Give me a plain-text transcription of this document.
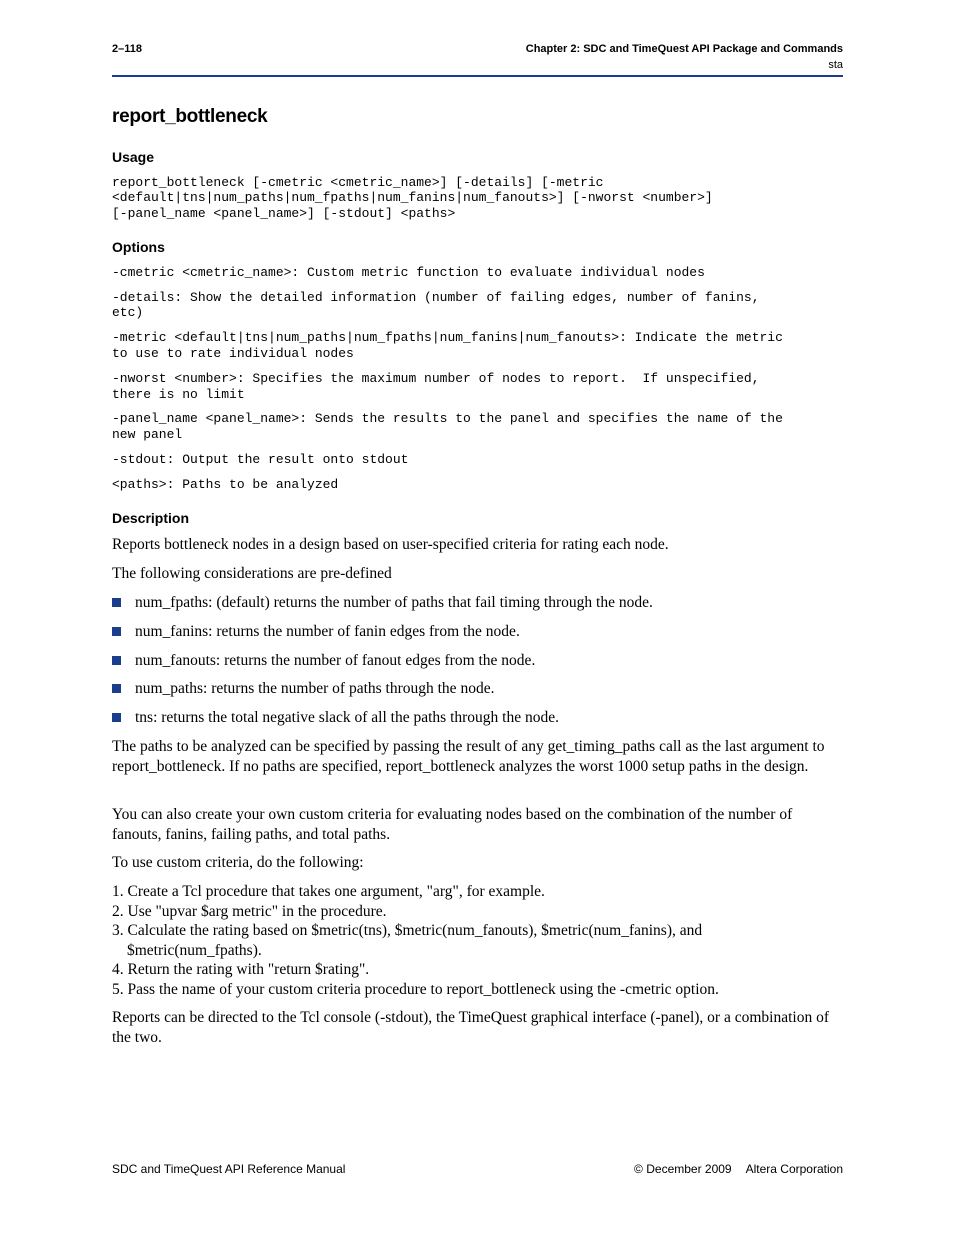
2–118	Chapter 2: SDC and TimeQuest API Package and Commands
sta
report_bottleneck
Usage
report_bottleneck [-cmetric <cmetric_name>] [-details] [-metric
<default|tns|num_paths|num_fpaths|num_fanins|num_fanouts>] [-nworst <number>]
[-panel_name <panel_name>] [-stdout] <paths>
Options
-cmetric <cmetric_name>: Custom metric function to evaluate individual nodes
-details: Show the detailed information (number of failing edges, number of fanins,
etc)
-metric <default|tns|num_paths|num_fpaths|num_fanins|num_fanouts>: Indicate the metric
to use to rate individual nodes
-nworst <number>: Specifies the maximum number of nodes to report.  If unspecified,
there is no limit
-panel_name <panel_name>: Sends the results to the panel and specifies the name of the
new panel
-stdout: Output the result onto stdout
<paths>: Paths to be analyzed
Description

Reports bottleneck nodes in a design based on user-specified criteria for rating each node.

The following considerations are pre-defined

num_fpaths: (default) returns the number of paths that fail timing through the node.
num_fanins: returns the number of fanin edges from the node.
num_fanouts: returns the number of fanout edges from the node.
num_paths: returns the number of paths through the node.
tns: returns the total negative slack of all the paths through the node.

The paths to be analyzed can be specified by passing the result of any get_timing_paths call as the last argument to report_bottleneck. If no paths are specified, report_bottleneck analyzes the worst 1000 setup paths in the design.

You can also create your own custom criteria for evaluating nodes based on the combination of the number of fanouts, fanins, failing paths, and total paths.

To use custom criteria, do the following:

1. Create a Tcl procedure that takes one argument, "arg", for example.
2. Use "upvar $arg metric" in the procedure.
3. Calculate the rating based on $metric(tns), $metric(num_fanouts), $metric(num_fanins), and
$metric(num_fpaths).
4. Return the rating with "return $rating".
5. Pass the name of your custom criteria procedure to report_bottleneck using the -cmetric option.

Reports can be directed to the Tcl console (-stdout), the TimeQuest graphical interface (-panel), or a combination of the two.

SDC and TimeQuest API Reference Manual	© December 2009 Altera Corporation
